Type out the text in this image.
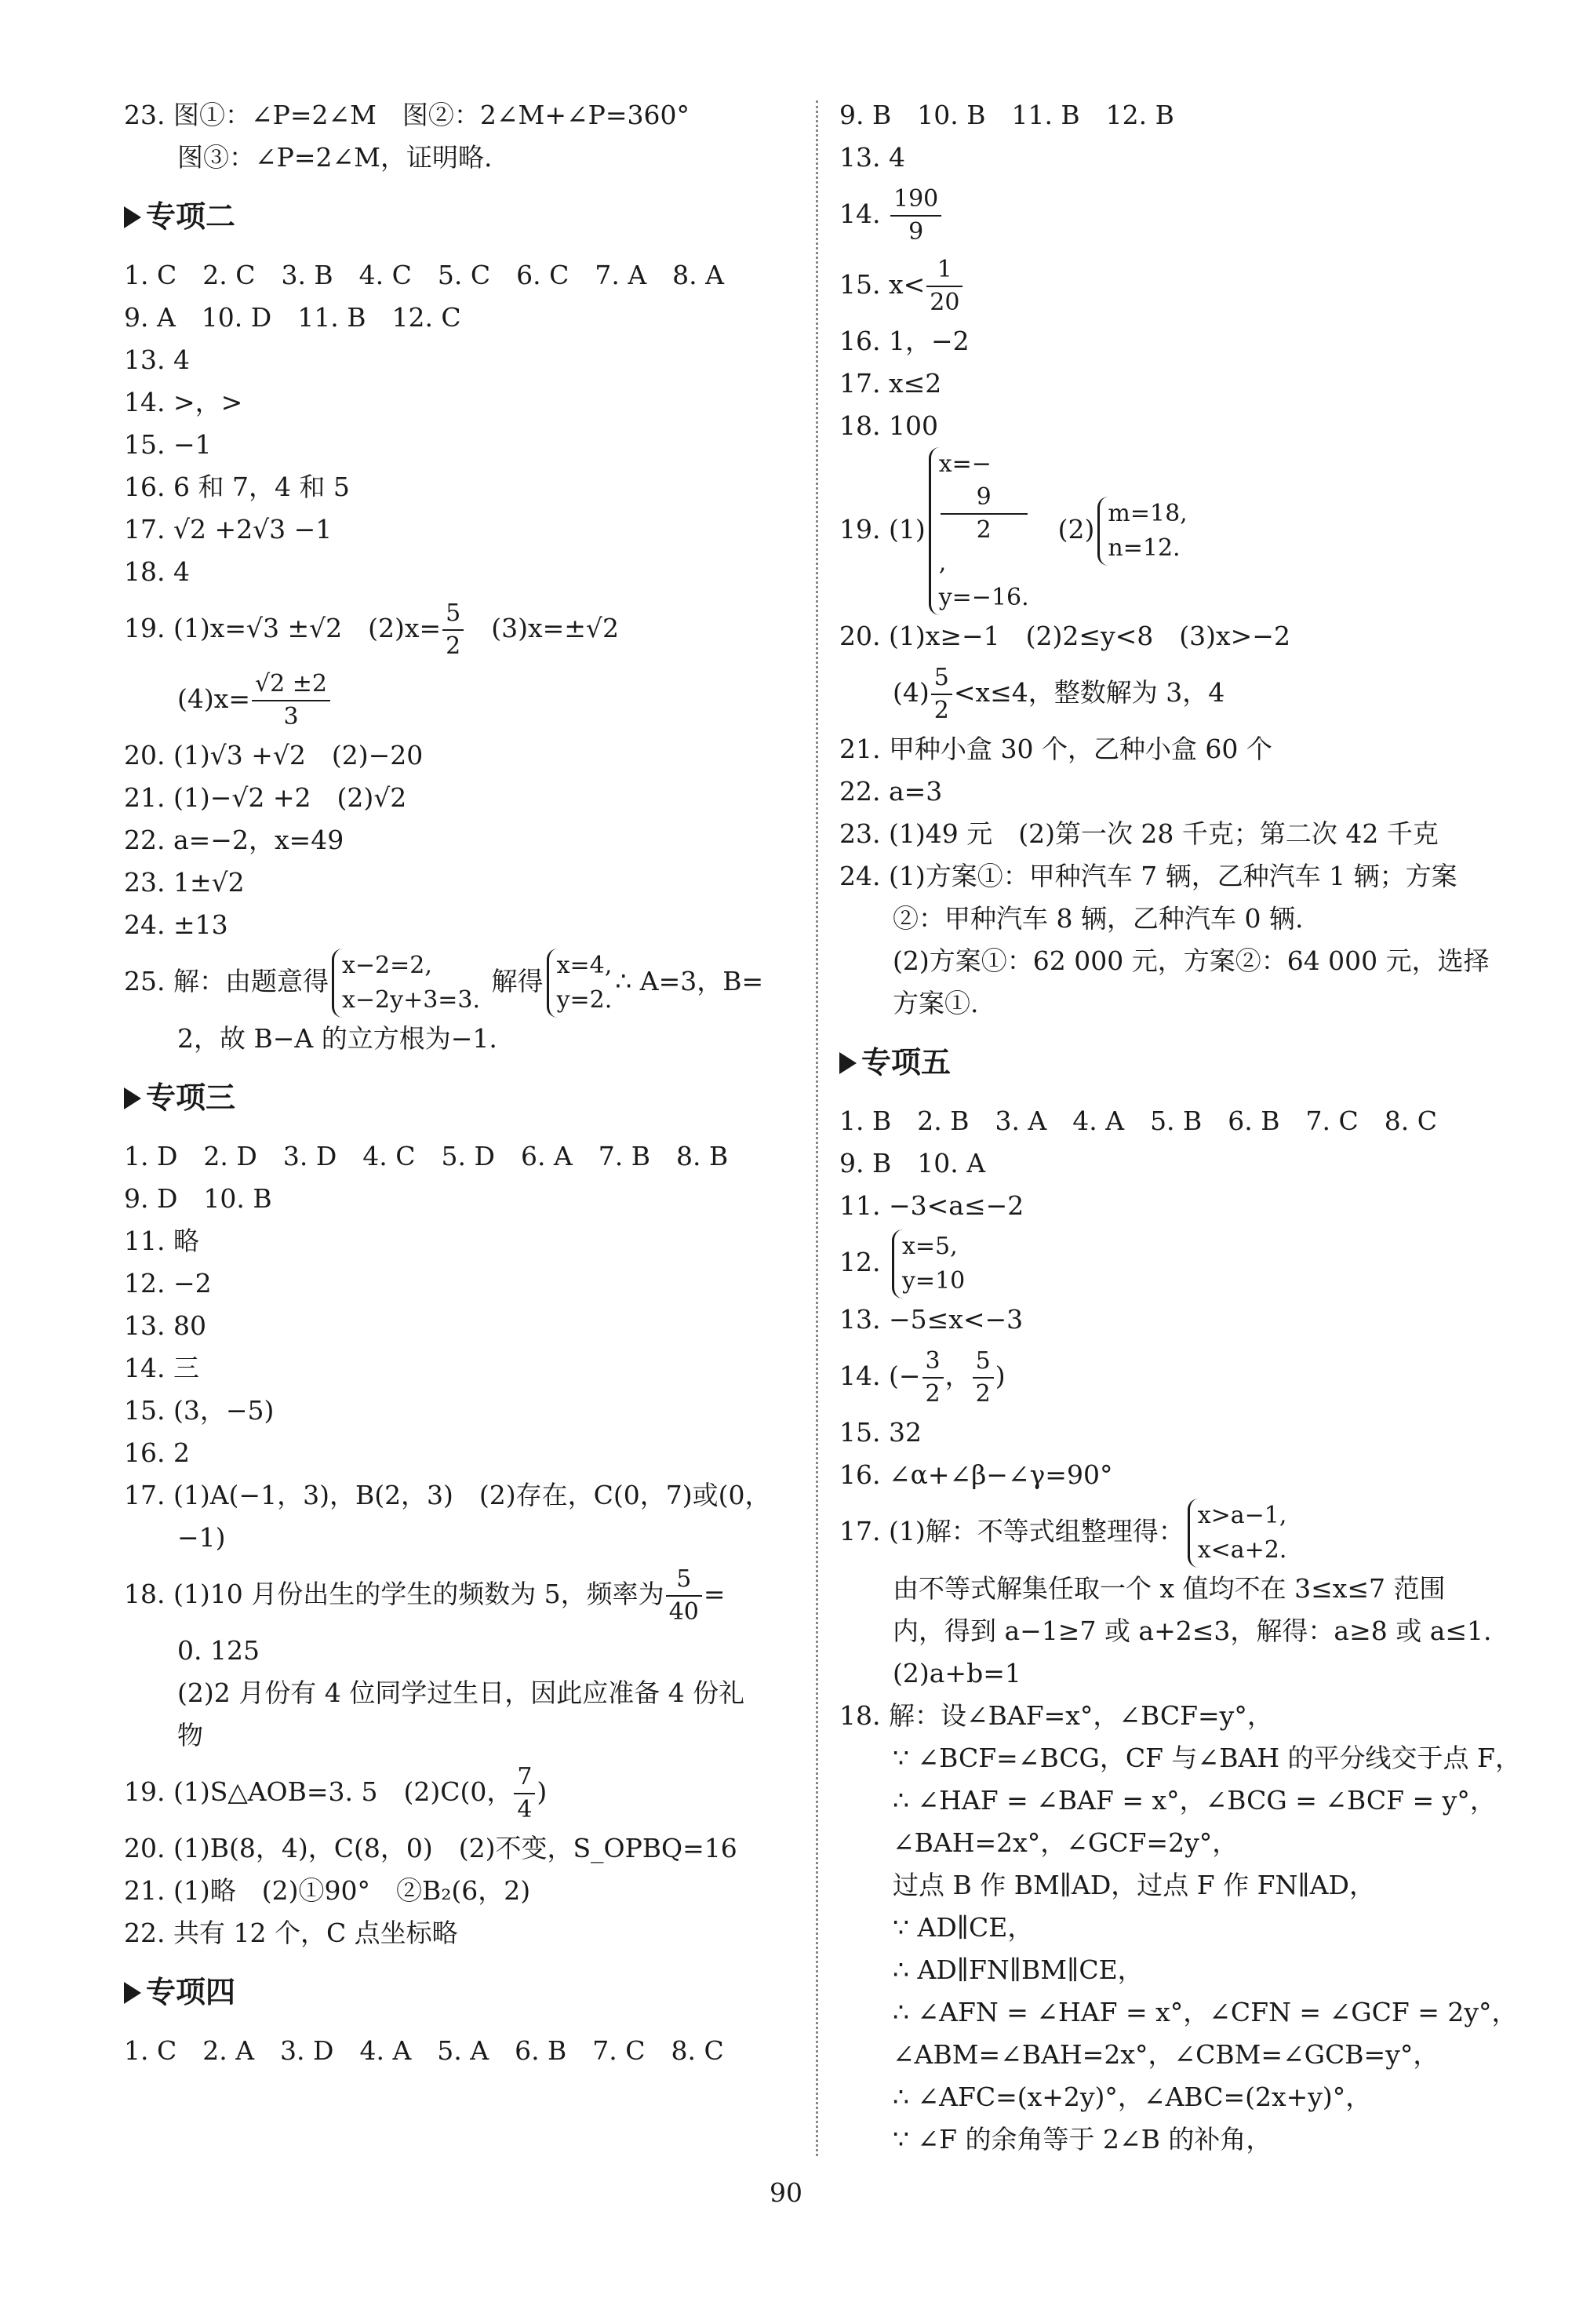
23. 图①：∠P=2∠M　图②：2∠M+∠P=360°
图③：∠P=2∠M，证明略.
专项二
1. C　2. C　3. B　4. C　5. C　6. C　7. A　8. A
9. A　10. D　11. B　12. C
13. 4
14. >，>
15. −1
16. 6 和 7，4 和 5
17. √2 +2√3 −1
18. 4
19. (1)x=√3 ±√2　$(2)x= \frac{5}{2}$ 　(3)x=±√2
$(4)x= \frac{√2 \pm 2}{3}$
20. (1)√3 +√2　(2)−20
21. (1)−√2 +2　(2)√2
22. a=−2，x=49
23. 1±√2
24. ±13
25. 解：由题意得
x−2=2,
x−2y+3=3.
解得
x=4,
y=2.
∴ A=3，B=
2，故 B−A 的立方根为−1.
专项三
1. D　2. D　3. D　4. C　5. D　6. A　7. B　8. B
9. D　10. B
11. 略
12. −2
13. 80
14. 三
15. (3，−5)
16. 2
17. (1)A(−1，3)，B(2，3)　(2)存在，C(0，7)或(0，
−1)
18. (1)10 月份出生的学生的频数为 5，频率为 $\frac{5}{40}$ =
0. 125
(2)2 月份有 4 位同学过生日，因此应准备 4 份礼
物
19. (1)S△AOB=3. 5　(2)C(0， $\frac{7}{4}$ )
20. (1)B(8，4)，C(8，0)　(2)不变，S_OPBQ=16
21. (1)略　(2)①90°　②B₂(6，2)
22. 共有 12 个，C 点坐标略
专项四
1. C　2. A　3. D　4. A　5. A　6. B　7. C　8. C
9. B　10. B　11. B　12. B
13. 4
14. $\frac{190}{9}$
15. $x< \frac{1}{20}$
16. 1，−2
17. x≤2
18. 100
19. (1)
x=−
9
2
,
y=−16.
　(2)
m=18,
n=12.
20. (1)x≥−1　(2)2≤y<8　(3)x>−2
$(4) \frac{5}{2} <x\le 4$，整数解为 3，4
21. 甲种小盒 30 个，乙种小盒 60 个
22. a=3
23. (1)49 元　(2)第一次 28 千克；第二次 42 千克
24. (1)方案①：甲种汽车 7 辆，乙种汽车 1 辆；方案
②：甲种汽车 8 辆，乙种汽车 0 辆.
(2)方案①：62 000 元，方案②：64 000 元，选择
方案①.
专项五
1. B　2. B　3. A　4. A　5. B　6. B　7. C　8. C
9. B　10. A
11. −3<a≤−2
12.
x=5,
y=10
13. −5≤x<−3
14. (− $\frac{3}{2}$ ， $\frac{5}{2}$ )
15. 32
16. ∠α+∠β−∠γ=90°
17. (1)解：不等式组整理得：
x>a−1,
x<a+2.
由不等式解集任取一个 x 值均不在 3≤x≤7 范围
内，得到 a−1≥7 或 a+2≤3，解得：a≥8 或 a≤1.
(2)a+b=1
18. 解：设∠BAF=x°，∠BCF=y°，
∵ ∠BCF=∠BCG，CF 与∠BAH 的平分线交于点 F，
∴ ∠HAF = ∠BAF = x°，∠BCG = ∠BCF = y°，
∠BAH=2x°，∠GCF=2y°，
过点 B 作 BM∥AD，过点 F 作 FN∥AD，
∵ AD∥CE，
∴ AD∥FN∥BM∥CE，
∴ ∠AFN = ∠HAF = x°，∠CFN = ∠GCF = 2y°，
∠ABM=∠BAH=2x°，∠CBM=∠GCB=y°，
∴ ∠AFC=(x+2y)°，∠ABC=(2x+y)°，
∵ ∠F 的余角等于 2∠B 的补角，
90
